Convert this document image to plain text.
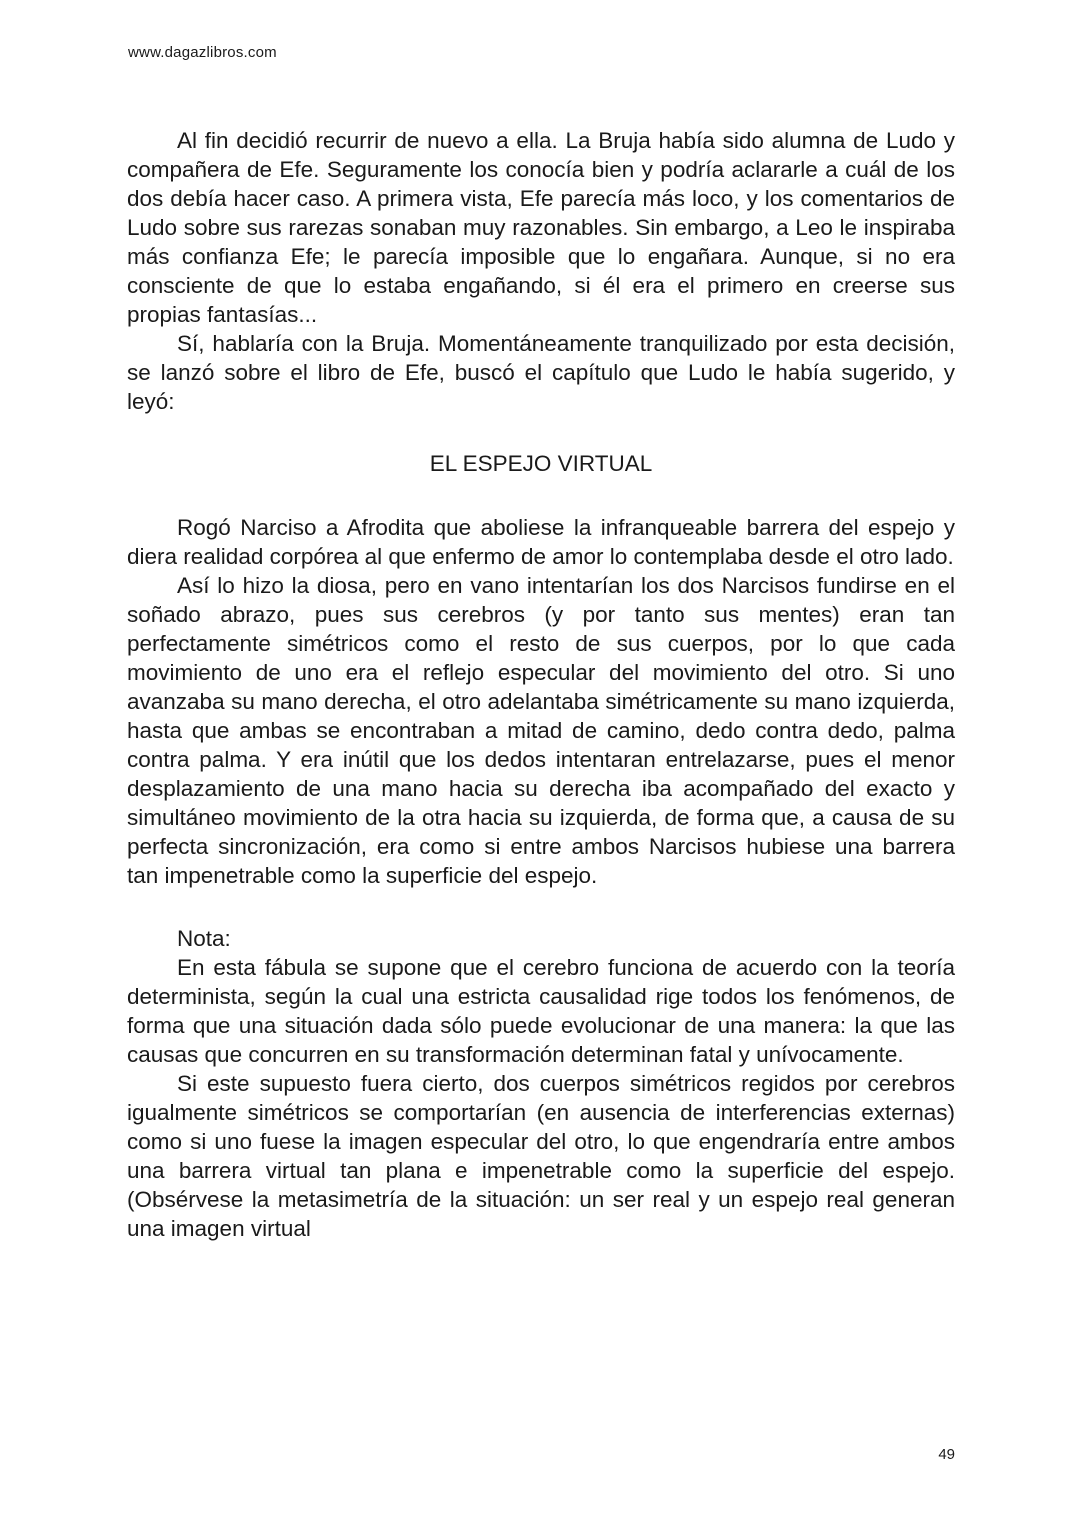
www.dagazlibros.com

Al fin decidió recurrir de nuevo a ella. La Bruja había sido alumna de Ludo y compañera de Efe. Seguramente los conocía bien y podría aclararle a cuál de los dos debía hacer caso. A primera vista, Efe parecía más loco, y los comentarios de Ludo sobre sus rarezas sonaban muy razonables. Sin embargo, a Leo le inspiraba más confianza Efe; le parecía imposible que lo engañara. Aunque, si no era consciente de que lo estaba engañando, si él era el primero en creerse sus propias fantasías...

Sí, hablaría con la Bruja. Momentáneamente tranquilizado por esta decisión, se lanzó sobre el libro de Efe, buscó el capítulo que Ludo le había sugerido, y leyó:

EL ESPEJO VIRTUAL

Rogó Narciso a Afrodita que aboliese la infranqueable barrera del espejo y diera realidad corpórea al que enfermo de amor lo contemplaba desde el otro lado.

Así lo hizo la diosa, pero en vano intentarían los dos Narcisos fundirse en el soñado abrazo, pues sus cerebros (y por tanto sus mentes) eran tan perfectamente simétricos como el resto de sus cuerpos, por lo que cada movimiento de uno era el reflejo especular del movimiento del otro. Si uno avanzaba su mano derecha, el otro adelantaba simétricamente su mano izquierda, hasta que ambas se encontraban a mitad de camino, dedo contra dedo, palma contra palma. Y era inútil que los dedos intentaran entrelazarse, pues el menor desplazamiento de una mano hacia su derecha iba acompañado del exacto y simultáneo movimiento de la otra hacia su izquierda, de forma que, a causa de su perfecta sincronización, era como si entre ambos Narcisos hubiese una barrera tan impenetrable como la superficie del espejo.

Nota:

En esta fábula se supone que el cerebro funciona de acuerdo con la teoría determinista, según la cual una estricta causalidad rige todos los fenómenos, de forma que una situación dada sólo puede evolucionar de una manera: la que las causas que concurren en su transformación determinan fatal y unívocamente.

Si este supuesto fuera cierto, dos cuerpos simétricos regidos por cerebros igualmente simétricos se comportarían (en ausencia de interferencias externas) como si uno fuese la imagen especular del otro, lo que engendraría entre ambos una barrera virtual tan plana e impenetrable como la superficie del espejo. (Obsérvese la metasimetría de la situación: un ser real y un espejo real generan una imagen virtual

49
